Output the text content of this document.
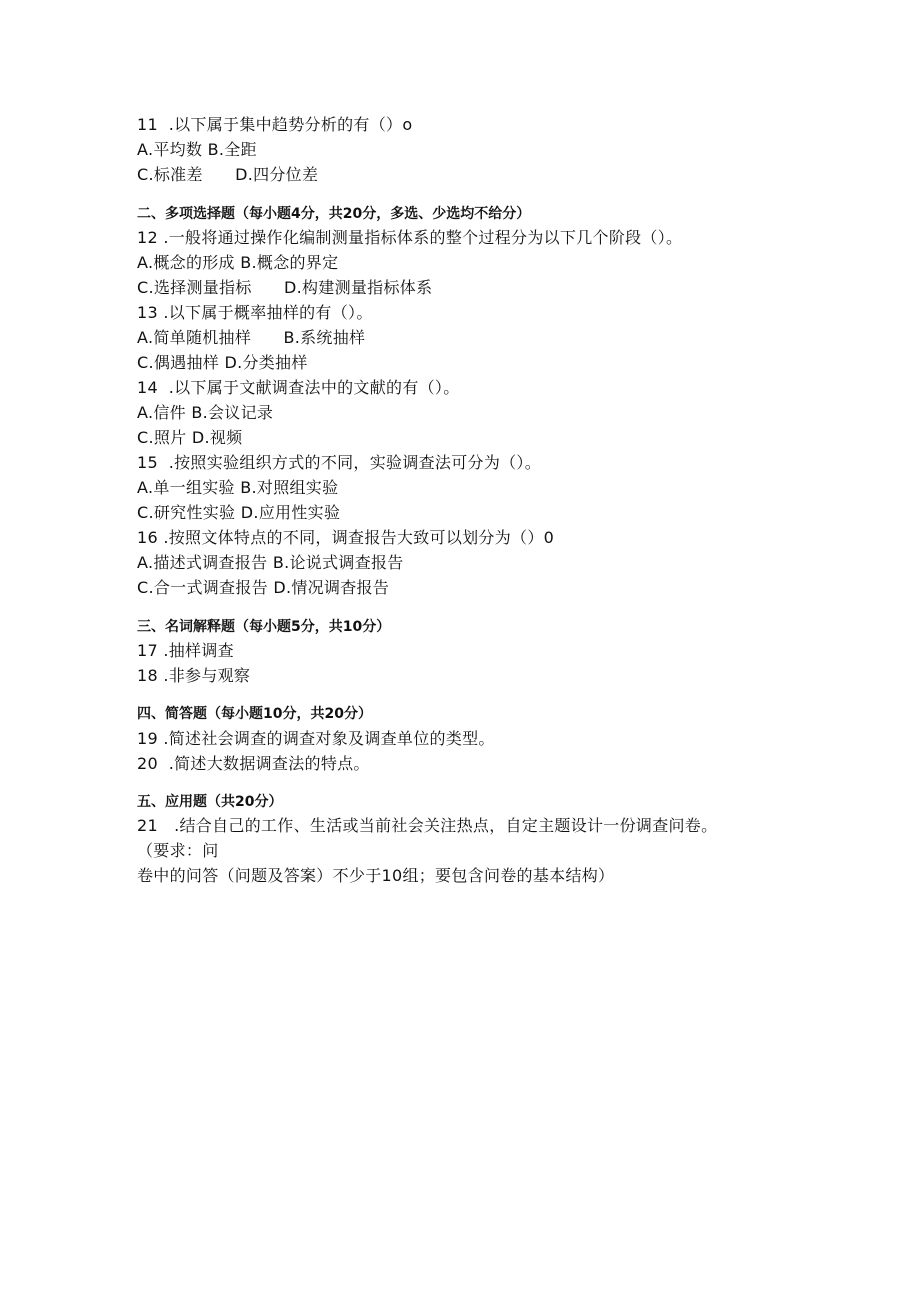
11  .以下属于集中趋势分析的有（）o
A.平均数 B.全距
C.标准差      D.四分位差
二、多项选择题（每小题4分，共20分，多选、少选均不给分）
12 .一般将通过操作化编制测量指标体系的整个过程分为以下几个阶段（）。
A.概念的形成 B.概念的界定
C.选择测量指标      D.构建测量指标体系
13 .以下属于概率抽样的有（）。
A.简单随机抽样      B.系统抽样
C.偶遇抽样 D.分类抽样
14  .以下属于文献调查法中的文献的有（）。
A.信件 B.会议记录
C.照片 D.视频
15  .按照实验组织方式的不同，实验调查法可分为（）。
A.单一组实验 B.对照组实验
C.研究性实验 D.应用性实验
16 .按照文体特点的不同，调查报告大致可以划分为（）0
A.描述式调查报告 B.论说式调查报告
C.合一式调查报告 D.情况调杳报告
三、名词解释题（每小题5分，共10分）
17 .抽样调查
18 .非参与观察
四、简答题（每小题10分，共20分）
19 .简述社会调查的调查对象及调查单位的类型。
20  .简述大数据调查法的特点。
五、应用题（共20分）
21   .结合自己的工作、生活或当前社会关注热点，自定主题设计一份调查问卷。
（要求：问
卷中的问答（问题及答案）不少于10组；要包含问卷的基本结构）
